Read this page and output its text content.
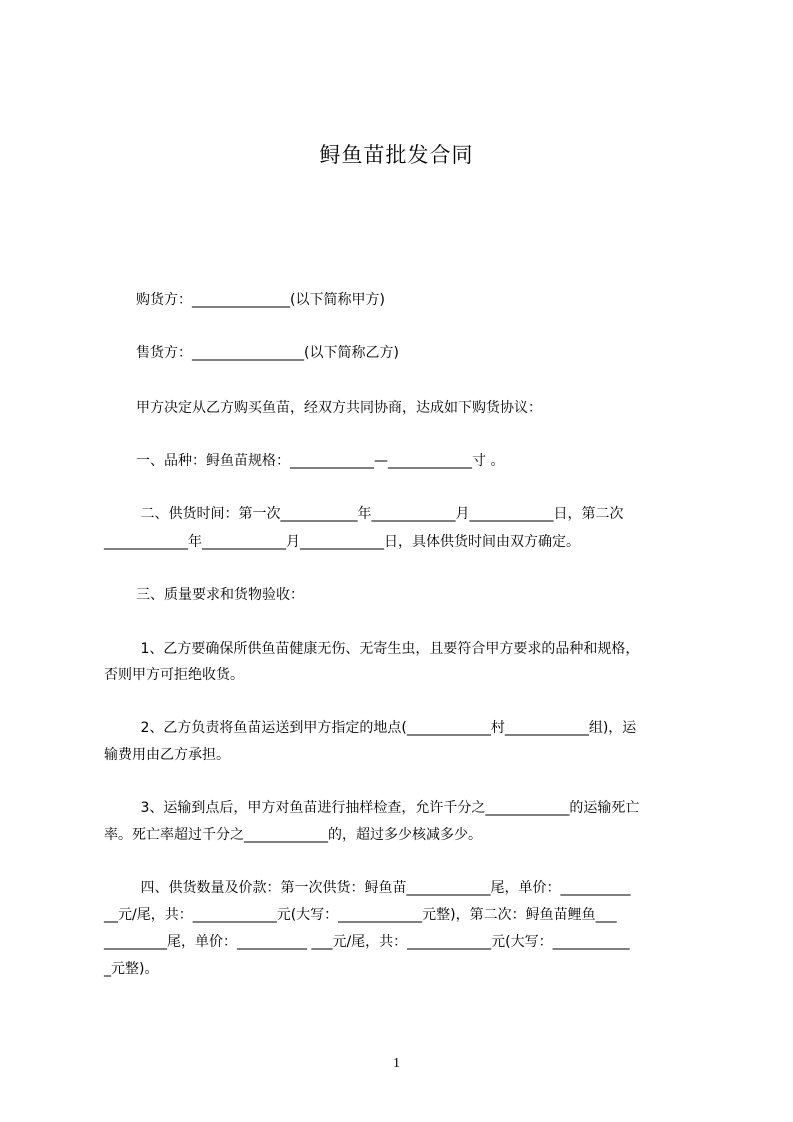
鲟鱼苗批发合同
购货方：______________(以下简称甲方)
售货方：________________(以下简称乙方)
甲方决定从乙方购买鱼苗，经双方共同协商，达成如下购货协议：
一、品种：鲟鱼苗规格：____________—____________寸 。
二、供货时间：第一次___________年____________月____________日，第二次
____________年____________月____________日，具体供货时间由双方确定。
三、质量要求和货物验收：
1、乙方要确保所供鱼苗健康无伤、无寄生虫，且要符合甲方要求的品种和规格，
否则甲方可拒绝收货。
2、乙方负责将鱼苗运送到甲方指定的地点(____________村____________组)，运
输费用由乙方承担。
3、运输到点后，甲方对鱼苗进行抽样检查，允许千分之____________的运输死亡
率。死亡率超过千分之____________的，超过多少核减多少。
四、供货数量及价款：第一次供货：鲟鱼苗____________尾，单价：__________
__元/尾，共：____________元(大写：____________元整)，第二次：鲟鱼苗鲤鱼___
_________尾，单价：__________ ___元/尾，共：____________元(大写：___________
_元整)。
1
